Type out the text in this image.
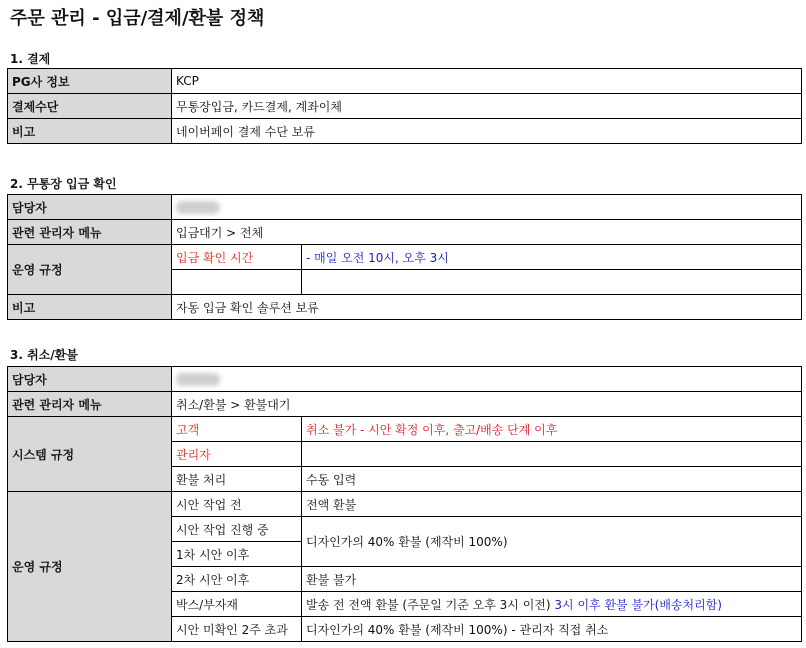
주문 관리 - 입금/결제/환불 정책
1. 결제
PG사 정보	KCP
결제수단	무통장입금, 카드결제, 계좌이체
비고	네이버페이 결제 수단 보류
2. 무통장 입금 확인
담당자		
관련 관리자 메뉴	입금대기 > 전체	
운영 규정	입금 확인 시간	- 매일 오전 10시, 오후 3시

비고	자동 입금 확인 솔루션 보류	
3. 취소/환불
담당자		
관련 관리자 메뉴	취소/환불 > 환불대기	
시스템 규정	고객	취소 불가 - 시안 확정 이후, 출고/배송 단계 이후
	관리자	
	환불 처리	수동 입력
운영 규정	시안 작업 전	전액 환불
	시안 작업 진행 중	디자인가의 40% 환불 (제작비 100%)
	1차 시안 이후	
	2차 시안 이후	환불 불가
	박스/부자재	발송 전 전액 환불 (주문일 기준 오후 3시 이전) 3시 이후 환불 불가(배송처리함)
	시안 미확인 2주 초과	디자인가의 40% 환불 (제작비 100%) - 관리자 직접 취소
